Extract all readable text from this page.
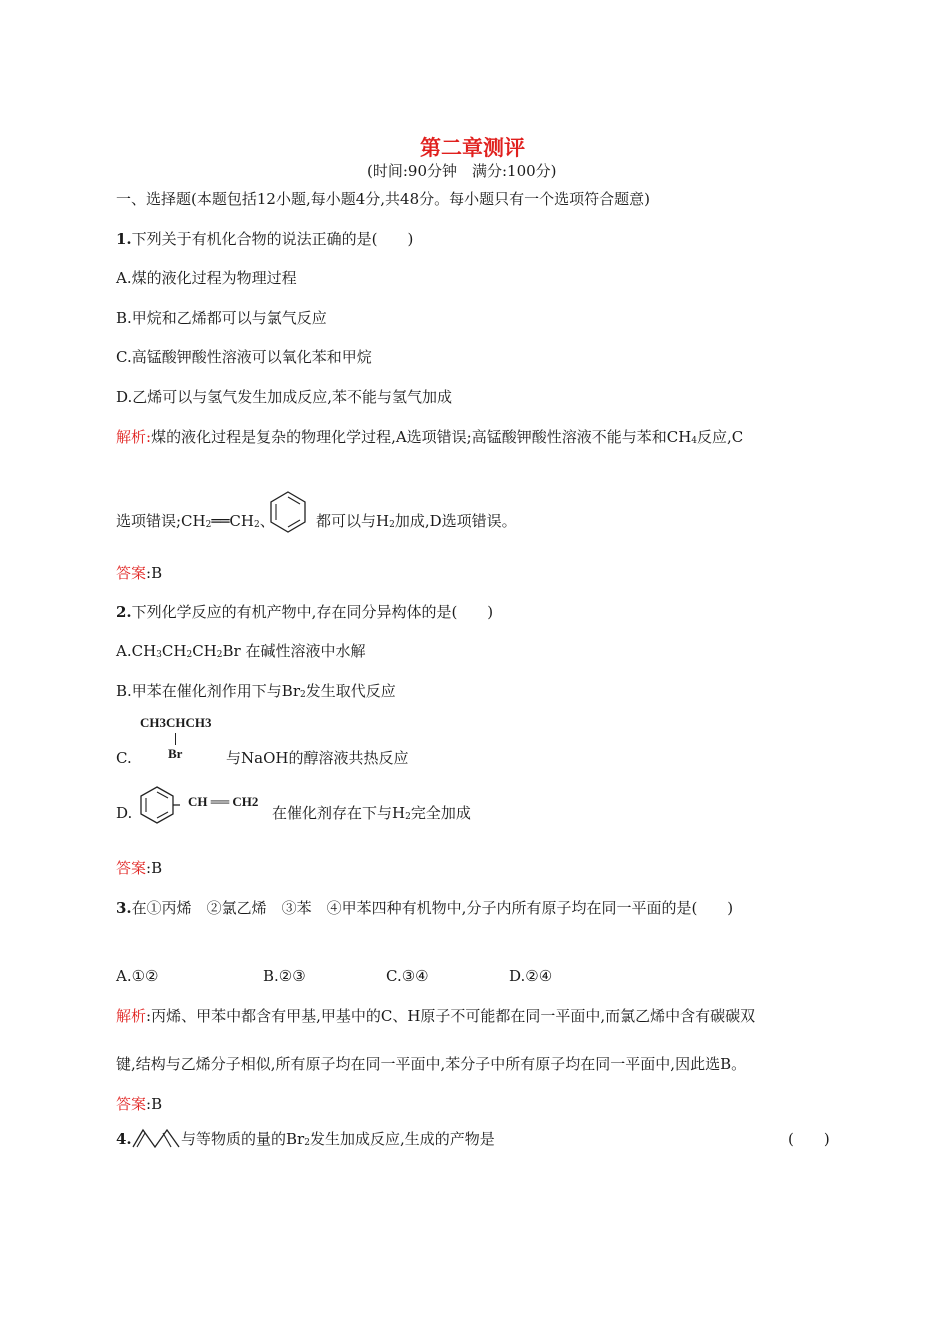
第二章测评
(时间:90分钟　满分:100分)
一、选择题(本题包括12小题,每小题4分,共48分。每小题只有一个选项符合题意)
1.下列关于有机化合物的说法正确的是(　　)
A.煤的液化过程为物理过程
B.甲烷和乙烯都可以与氯气反应
C.高锰酸钾酸性溶液可以氧化苯和甲烷
D.乙烯可以与氢气发生加成反应,苯不能与氢气加成
解析:煤的液化过程是复杂的物理化学过程,A选项错误;高锰酸钾酸性溶液不能与苯和$CH_4$反应,C
选项错误$;CH_2══CH_2$、	都可以与$H_2$加成,D选项错误。
答案:B
2.下列化学反应的有机产物中,存在同分异构体的是(　　)
$A.CH_3CH_2CH_2Br$ 在碱性溶液中水解
B.甲苯在催化剂作用下与$Br_2$发生取代反应
C.
CH3CHCH3
Br	与NaOH的醇溶液共热反应
D.
CH ══ CH2
在催化剂存在下与$H_2$完全加成
答案:B
3.在①丙烯　②氯乙烯　③苯　④甲苯四种有机物中,分子内所有原子均在同一平面的是(　　)
A.①②	B.②③	C.③④	D.②④
解析:丙烯、甲苯中都含有甲基,甲基中的C、H原子不可能都在同一平面中,而氯乙烯中含有碳碳双
键,结构与乙烯分子相似,所有原子均在同一平面中,苯分子中所有原子均在同一平面中,因此选B。
答案:B
4.	与等物质的量的$Br_2$发生加成反应,生成的产物是	(　　)
